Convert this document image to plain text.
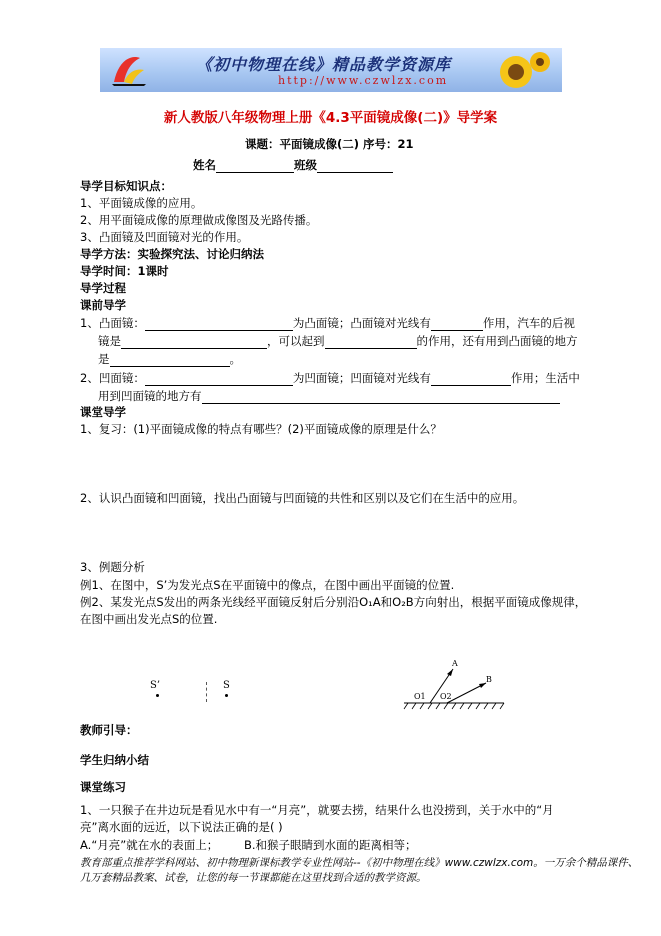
《初中物理在线》精品教学资源库
http://www.czwlzx.com
新人教版八年级物理上册《4.3平面镜成像(二)》导学案
课题：平面镜成像(二) 序号：21
姓名	班级
导学目标知识点：
1、平面镜成像的应用。
2、用平面镜成像的原理做成像图及光路传播。
3、凸面镜及凹面镜对光的作用。
导学方法：实验探究法、讨论归纳法
导学时间：1课时
导学过程
课前导学
1、凸面镜：	为凸面镜；凸面镜对光线有	作用，汽车的后视
镜是	，可以起到	的作用，还有用到凸面镜的地方
是	。
2、凹面镜：	为凹面镜；凹面镜对光线有	作用；生活中
用到凹面镜的地方有
课堂导学
1、复习：(1)平面镜成像的特点有哪些？(2)平面镜成像的原理是什么？
2、认识凸面镜和凹面镜，找出凸面镜与凹面镜的共性和区别以及它们在生活中的应用。
3、例题分析
例1、在图中，S’为发光点S在平面镜中的像点，在图中画出平面镜的位置.
例2、某发光点S发出的两条光线经平面镜反射后分别沿O₁A和O₂B方向射出，根据平面镜成像规律，
在图中画出发光点S的位置.
S’	S
A
B
O1 O2
教师引导：
学生归纳小结
课堂练习
1、一只猴子在井边玩是看见水中有一“月亮”，就要去捞，结果什么也没捞到，关于水中的“月
亮”离水面的远近，以下说法正确的是( )
A.“月亮”就在水的表面上； B.和猴子眼睛到水面的距离相等；
教育部重点推荐学科网站、初中物理新课标教学专业性网站--《初中物理在线》www.czwlzx.com。一万余个精品课件、
几万套精品教案、试卷，让您的每一节课都能在这里找到合适的教学资源。
